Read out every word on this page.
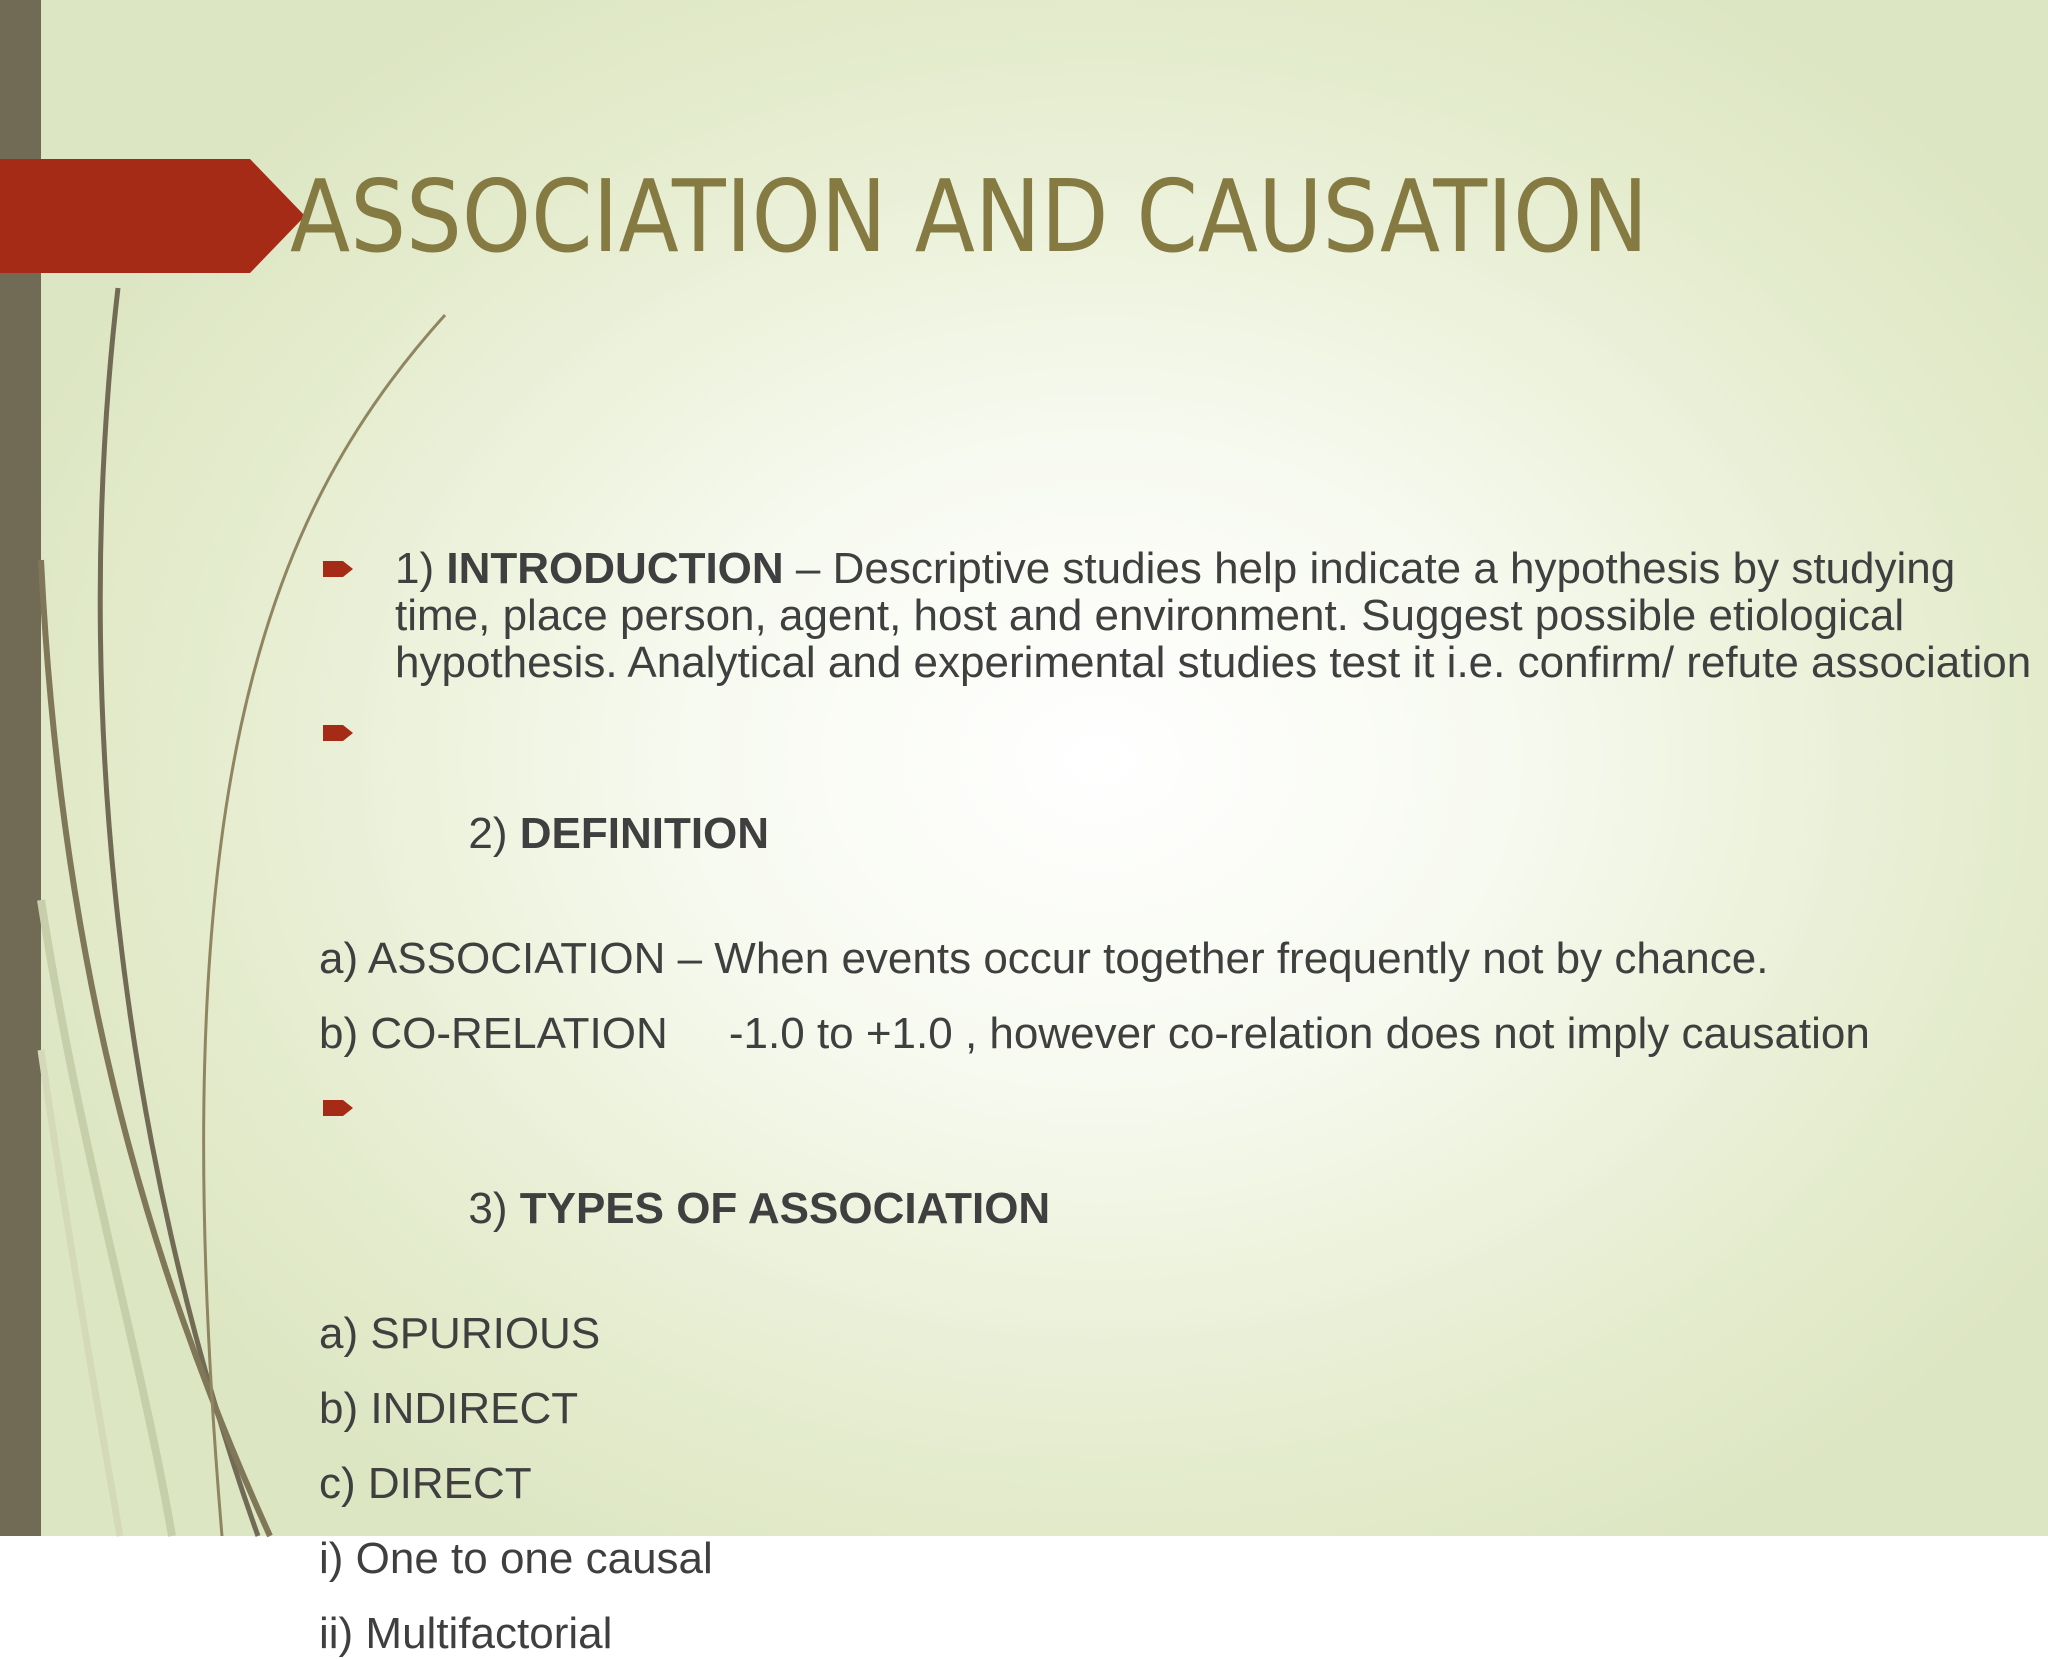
ASSOCIATION AND CAUSATION
1) INTRODUCTION – Descriptive studies help indicate a hypothesis by studying time, place person, agent, host and environment. Suggest possible etiological hypothesis. Analytical and experimental studies test it i.e. confirm/ refute association

2) DEFINITION

a) ASSOCIATION – When events occur together frequently not by chance.

b) CO-RELATION     -1.0 to +1.0 , however co-relation does not imply causation

3) TYPES OF ASSOCIATION

a) SPURIOUS

b) INDIRECT

c) DIRECT

i) One to one causal

ii) Multifactorial
